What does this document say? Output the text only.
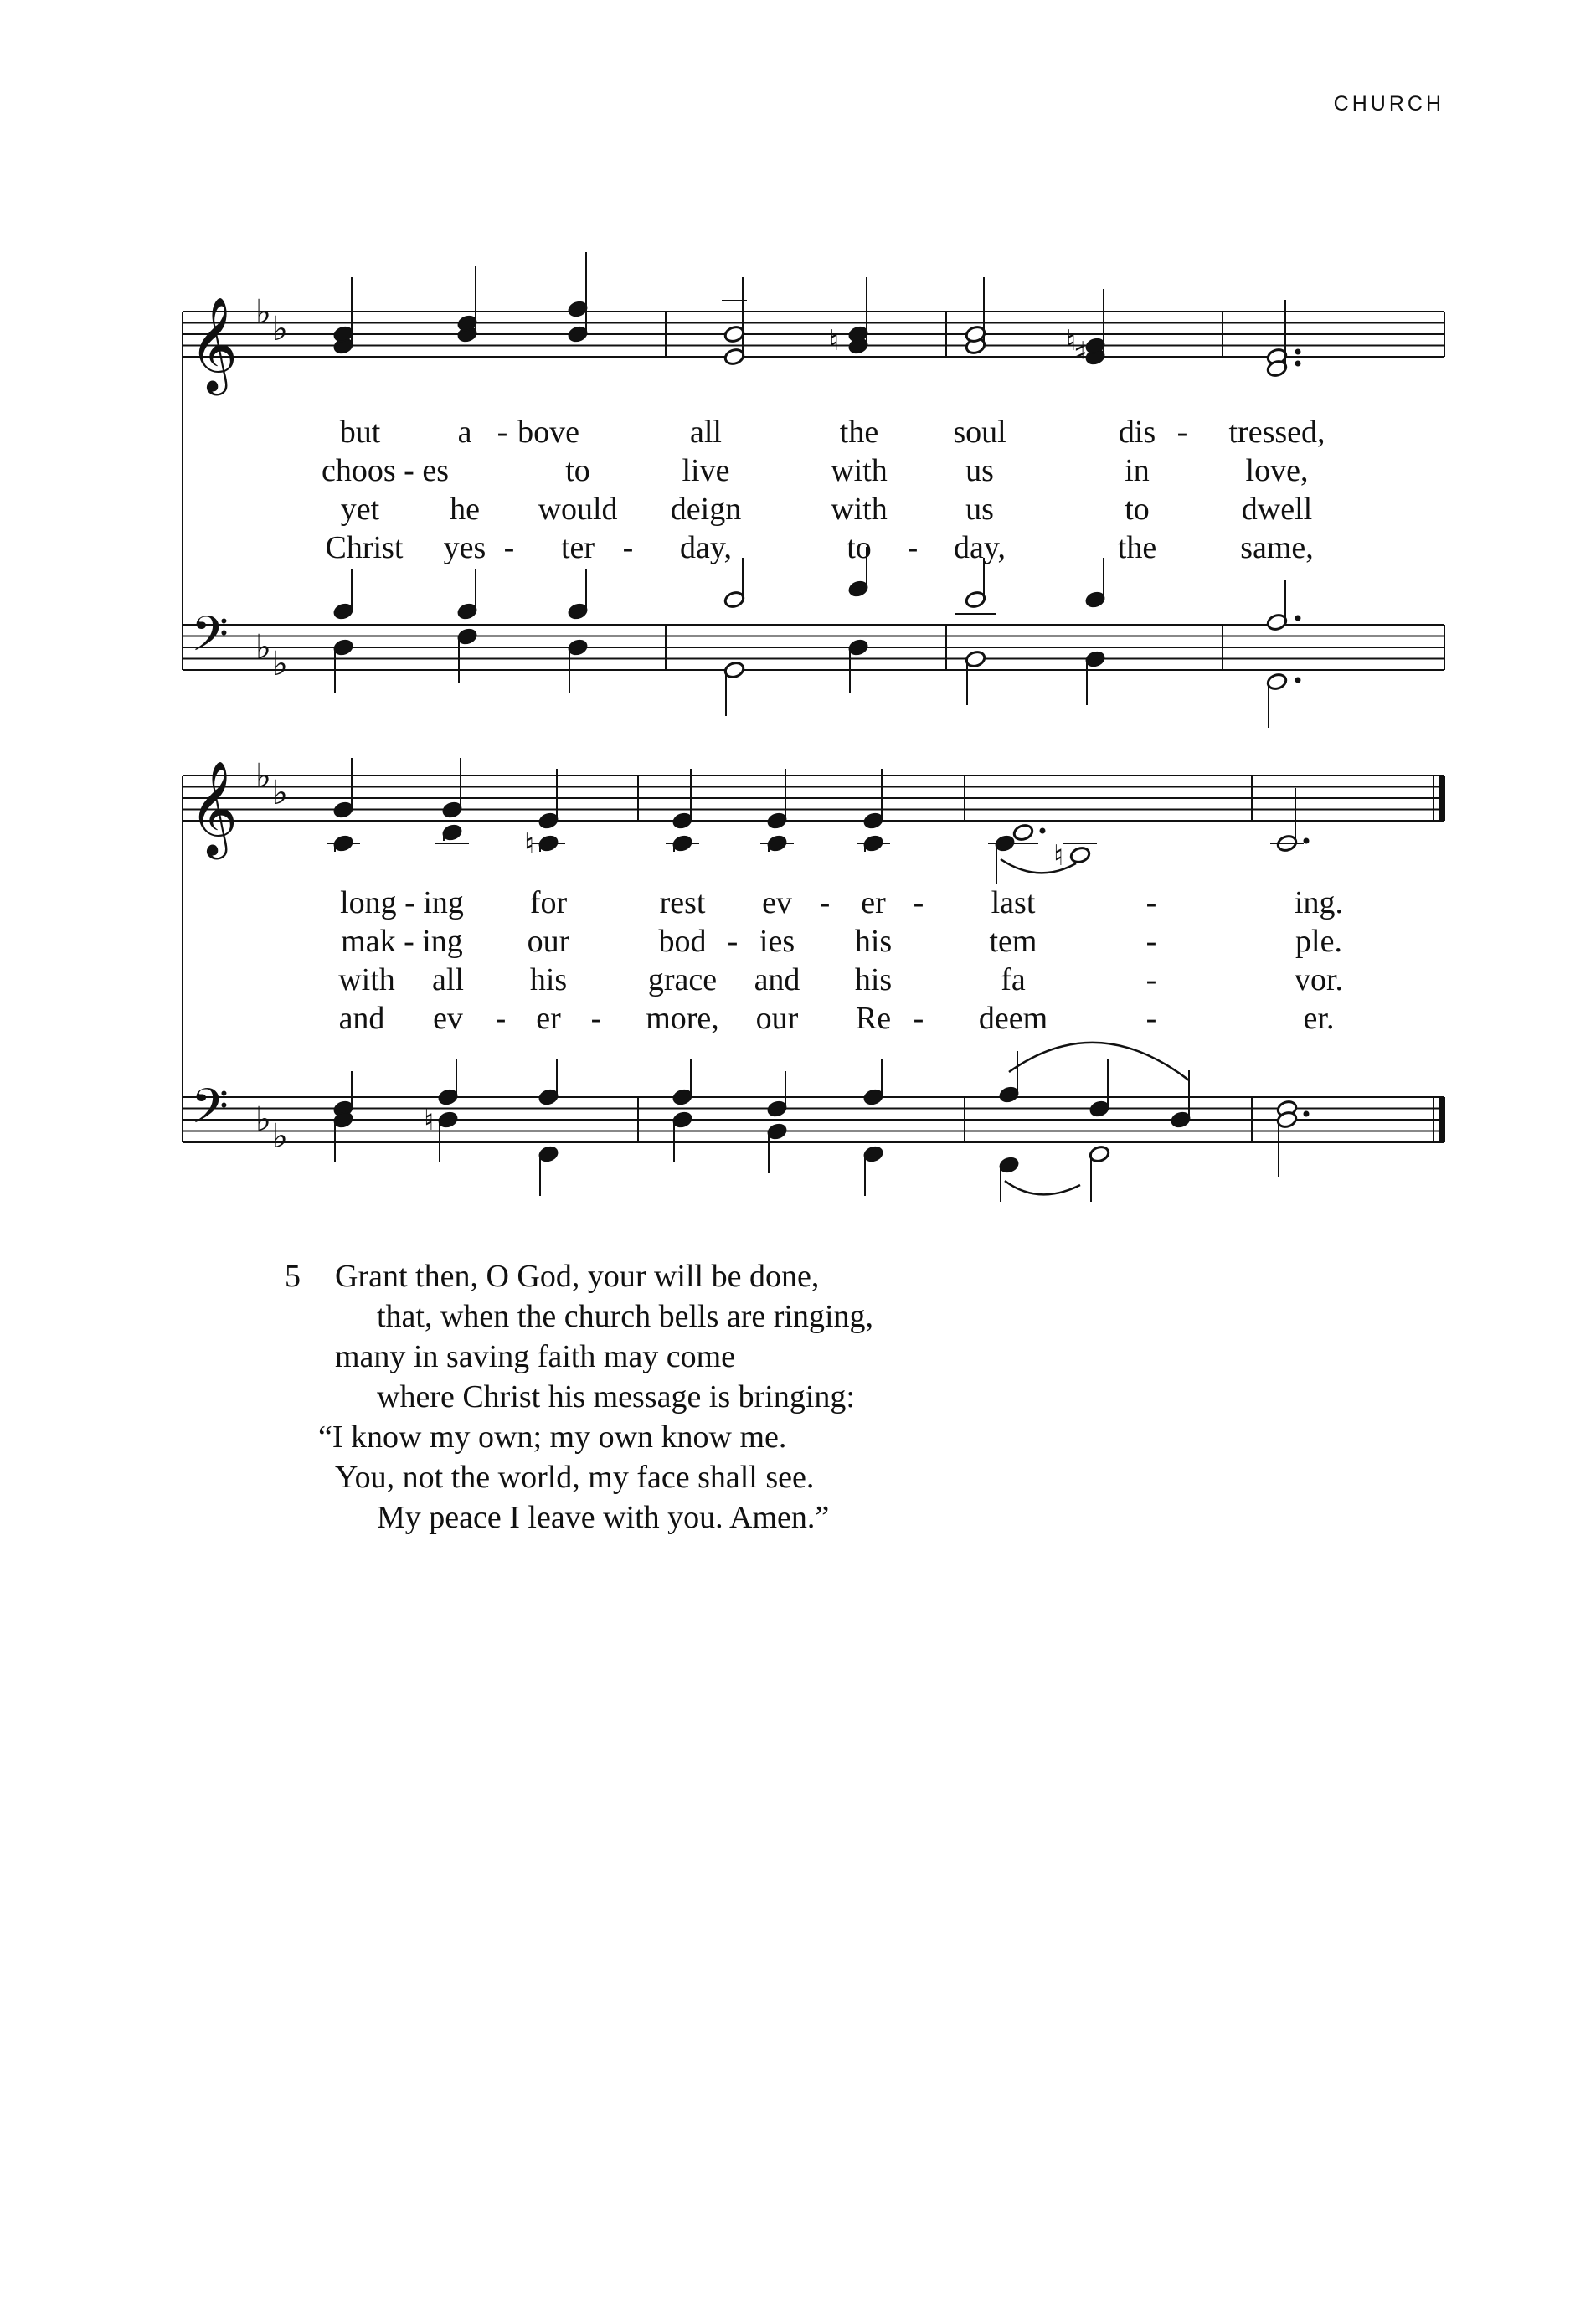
CHURCH
𝄞
𝄢
♭ ♭
♭ ♭
♮	♯
♮
but a - bove	all	the soul	dis - tressed,
choos - es	to	live	with us	in	love,
yet he would deign	with us	to	dwell
Christ yes - ter - day,	to - day,	the	same,
𝄞
𝄢
♭ ♭
♭ ♭
♮	♮
♮
long - ing for	rest ev - er - last	-	ing.
mak - ing our	bod - ies his	tem	-	ple.
with all his	grace and his	fa	-	vor.
and ev - er - more, our Re - deem	-	er.
5 Grant then, O God, your will be done,
that, when the church bells are ringing,
many in saving faith may come
where Christ his message is bringing:
“I know my own; my own know me.
You, not the world, my face shall see.
My peace I leave with you. Amen.”
